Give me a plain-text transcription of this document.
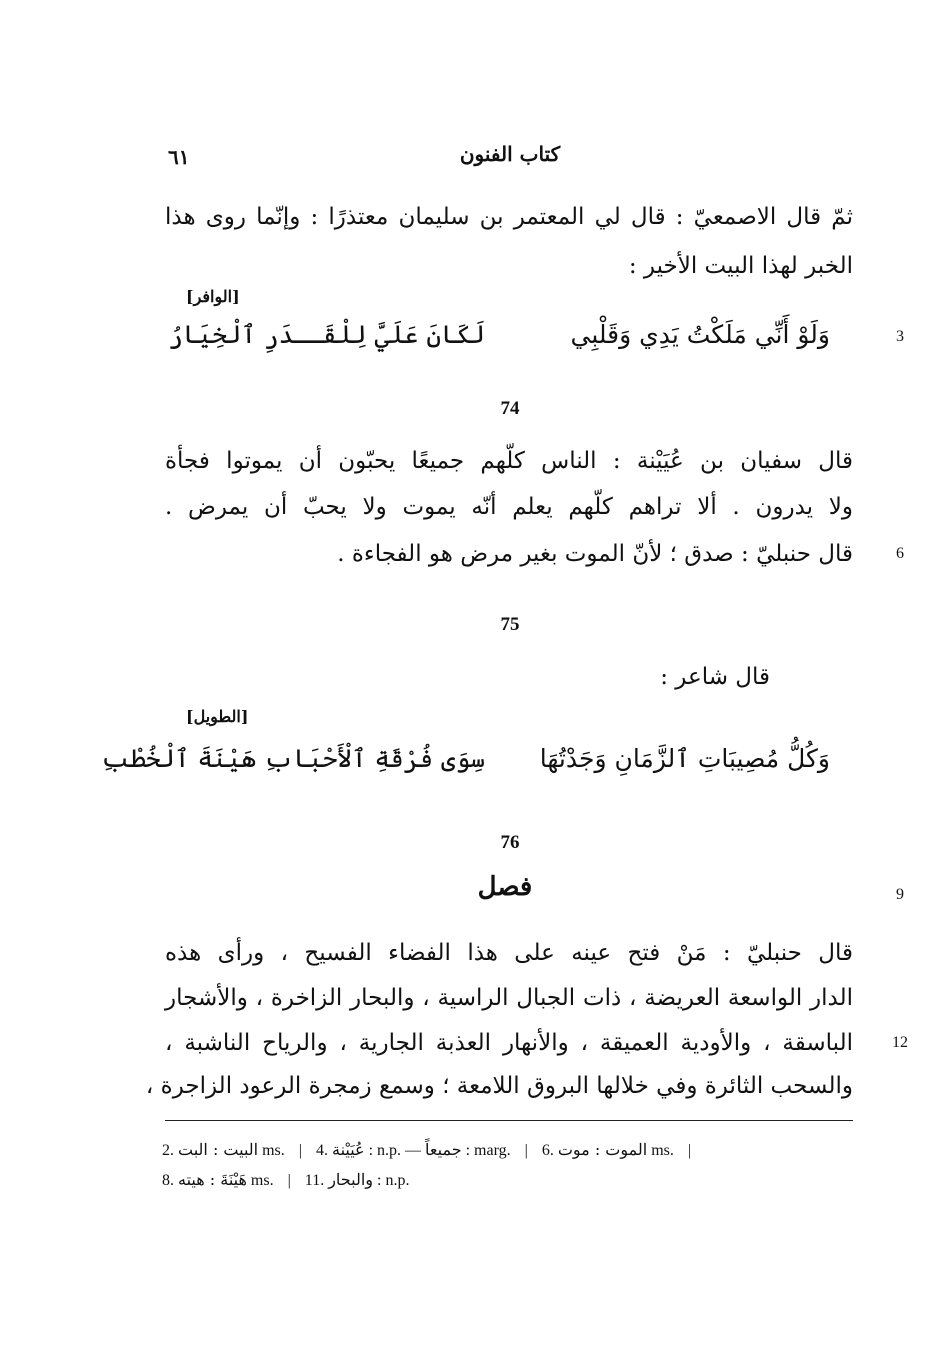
٦١	كتاب الفنون
ثمّ قال الاصمعيّ : قال لي المعتمر بن سليمان معتذرًا : وإنّما روى هذا
الخبر لهذا البيت الأخير :
[الوافر]
3
وَلَوْ أَنِّي مَلَكْتُ يَدِي وَقَلْبِي
لَكَانَ عَلَيَّ لِلْقَــدَرِ ٱلْخِيَارُ
74
قال سفيان بن عُيَيْنة : الناس كلّهم جميعًا يحبّون أن يموتوا فجأة
ولا يدرون . ألا تراهم كلّهم يعلم أنّه يموت ولا يحبّ أن يمرض .
قال حنبليّ : صدق ؛ لأنّ الموت بغير مرض هو الفجاءة .	6
75
قال شاعر :
[الطويل]
وَكُلُّ مُصِيبَاتِ ٱلزَّمَانِ وَجَدْتُهَا
سِوَى فُرْقَةِ ٱلْأَحْبَابِ هَيْنَةَ ٱلْخُطْبِ
76
فصل	9
قال حنبليّ : مَنْ فتح عينه على هذا الفضاء الفسيح ، ورأى هذه
الدار الواسعة العريضة ، ذات الجبال الراسية ، والبحار الزاخرة ، والأشجار
الباسقة ، والأودية العميقة ، والأنهار العذبة الجارية ، والرياح الناشبة ،	12
والسحب الثائرة وفي خلالها البروق اللامعة ؛ وسمع زمجرة الرعود الزاجرة ،
2. البيت : البت ms. | 4. عُيَيْنة : n.p. — جميعاً : marg. | 6. الموت : موت ms. |
8. هَيْنَةَ : هيته ms. | 11. والبحار : n.p.
